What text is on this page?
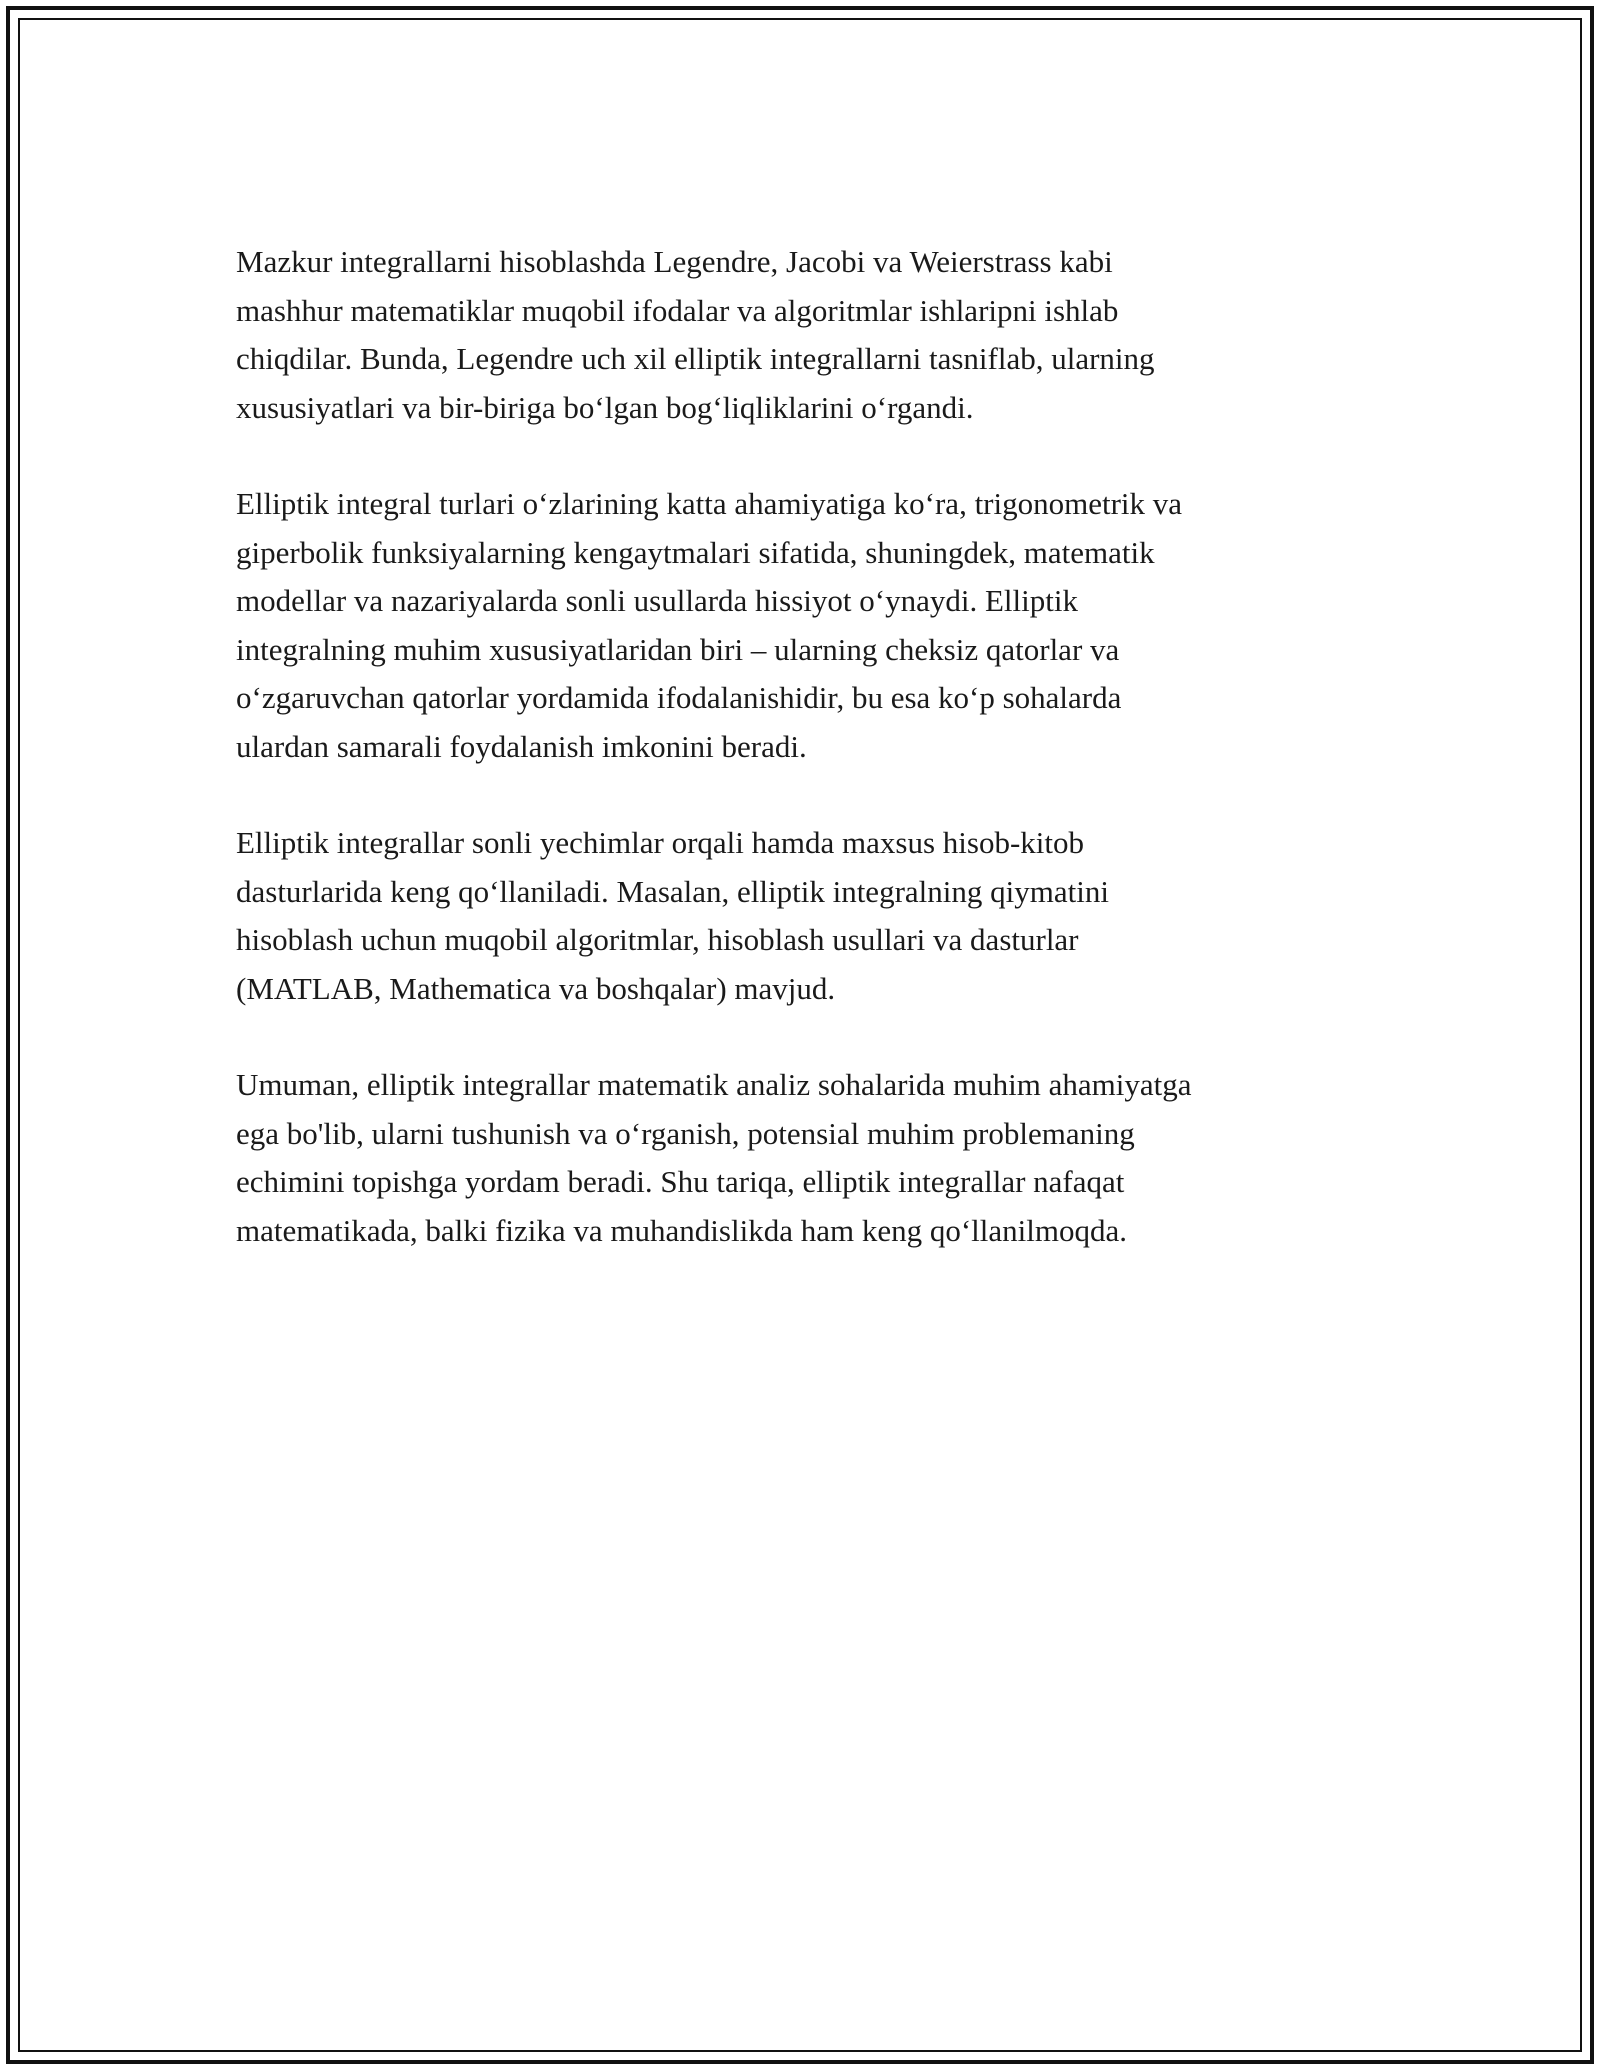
Mazkur integrallarni hisoblashda Legendre, Jacobi va Weierstrass kabi
mashhur matematiklar muqobil ifodalar va algoritmlar ishlaripni ishlab
chiqdilar. Bunda, Legendre uch xil elliptik integrallarni tasniflab, ularning
xususiyatlari va bir-biriga bo‘lgan bog‘liqliklarini o‘rgandi.

Elliptik integral turlari o‘zlarining katta ahamiyatiga ko‘ra, trigonometrik va
giperbolik funksiyalarning kengaytmalari sifatida, shuningdek, matematik
modellar va nazariyalarda sonli usullarda hissiyot o‘ynaydi. Elliptik
integralning muhim xususiyatlaridan biri – ularning cheksiz qatorlar va
o‘zgaruvchan qatorlar yordamida ifodalanishidir, bu esa ko‘p sohalarda
ulardan samarali foydalanish imkonini beradi.

Elliptik integrallar sonli yechimlar orqali hamda maxsus hisob-kitob
dasturlarida keng qo‘llaniladi. Masalan, elliptik integralning qiymatini
hisoblash uchun muqobil algoritmlar, hisoblash usullari va dasturlar
(MATLAB, Mathematica va boshqalar) mavjud.

Umuman, elliptik integrallar matematik analiz sohalarida muhim ahamiyatga
ega bo'lib, ularni tushunish va o‘rganish, potensial muhim problemaning
echimini topishga yordam beradi. Shu tariqa, elliptik integrallar nafaqat
matematikada, balki fizika va muhandislikda ham keng qo‘llanilmoqda.
